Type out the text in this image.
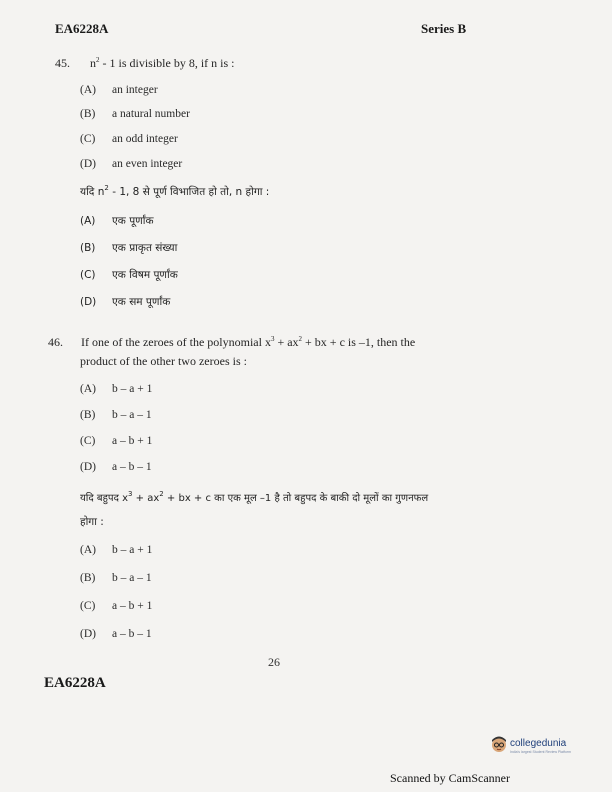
EA6228A	Series B
45. $n^2 - 1$ is divisible by 8, if n is :
(A) an integer
(B) a natural number
(C) an odd integer
(D) an even integer
यदि $n^2 - 1$, 8 से पूर्ण विभाजित हो तो, n होगा :
(A) एक पूर्णांक
(B) एक प्राकृत संख्या
(C) एक विषम पूर्णांक
(D) एक सम पूर्णांक
46. If one of the zeroes of the polynomial $x^3 + ax^2$ + bx + c is –1, then the
product of the other two zeroes is :
(A) b – a + 1
(B) b – a – 1
(C) a – b + 1
(D) a – b – 1
यदि बहुपद $x^3 + ax^2$ + bx + c का एक मूल –1 है तो बहुपद के बाकी दो मूलों का गुणनफल
होगा :
(A) b – a + 1
(B) b – a – 1
(C) a – b + 1
(D) a – b – 1
26
EA6228A
collegedunia
India's largest Student Review Platform
Scanned by CamScanner
